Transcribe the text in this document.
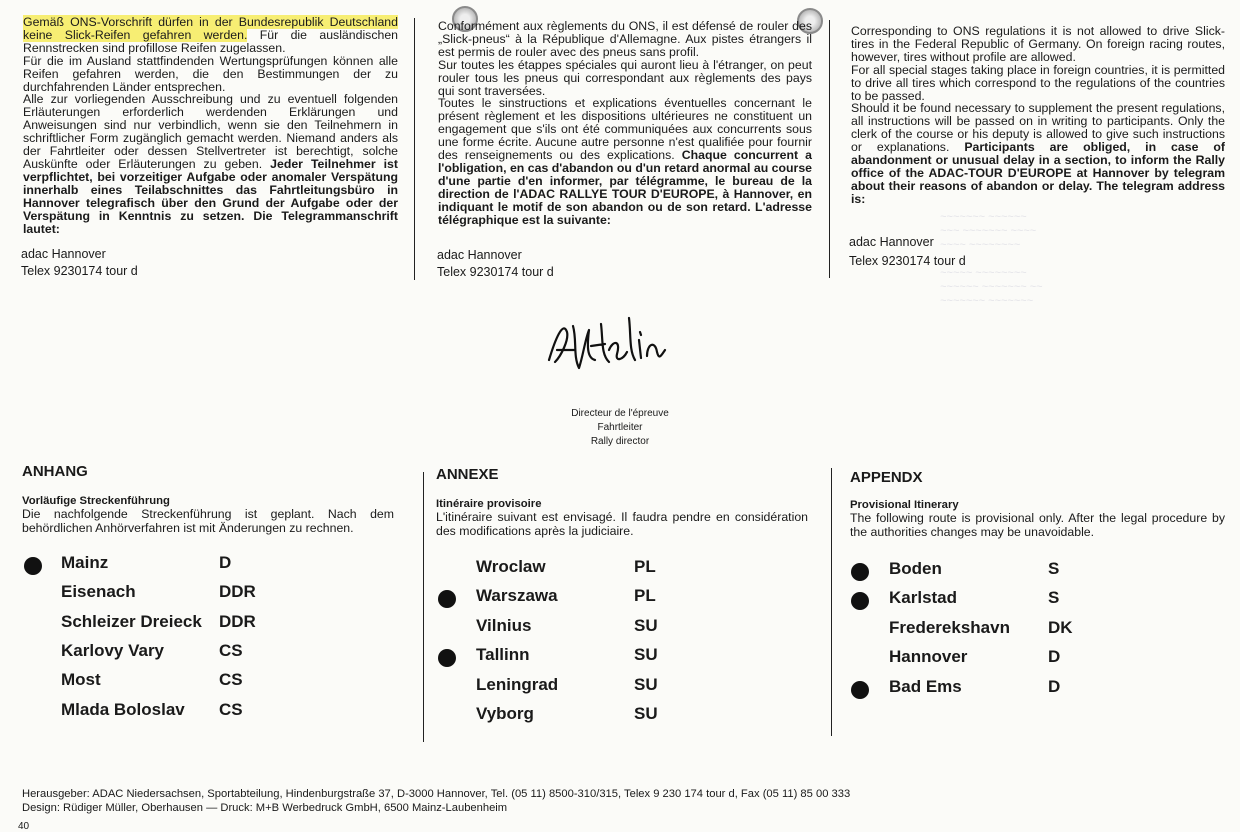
~~~~~~~ ~~~~~~
~~~ ~~~~~~~ ~~~~
~~~~ ~~~~~~~~

~~~~~ ~~~~~~~~
~~~~~~ ~~~~~~~ ~~
~~~~~~~ ~~~~~~~

Gemäß ONS-Vorschrift dürfen in der Bundesrepublik Deutschland keine Slick-Reifen gefahren werden. Für die ausländischen Rennstrecken sind profillose Reifen zugelassen.

Für die im Ausland stattfindenden Wertungsprüfungen können alle Reifen gefahren werden, die den Bestimmungen der zu durchfahrenden Länder entsprechen.

Alle zur vorliegenden Ausschreibung und zu eventuell folgenden Erläuterungen erforderlich werdenden Erklärungen und Anweisungen sind nur verbindlich, wenn sie den Teilnehmern in schriftlicher Form zugänglich gemacht werden. Niemand anders als der Fahrtleiter oder dessen Stellvertreter ist berechtigt, solche Auskünfte oder Erläuterungen zu geben. Jeder Teilnehmer ist verpflichtet, bei vorzeitiger Aufgabe oder anomaler Verspätung innerhalb eines Teilabschnittes das Fahrtleitungsbüro in Hannover telegrafisch über den Grund der Aufgabe oder der Verspätung in Kenntnis zu setzen. Die Telegrammanschrift lautet:

adac Hannover
Telex 9230174 tour d

Conformément aux règlements du ONS, il est défensé de rouler des „Slick-pneus“ à la République d'Allemagne. Aux pistes étrangers il est permis de rouler avec des pneus sans profil.

Sur toutes les étappes spéciales qui auront lieu à l'étranger, on peut rouler tous les pneus qui correspondant aux règlements des pays qui sont traversées.

Toutes le sinstructions et explications éventuelles concernant le présent règlement et les dispositions ultérieures ne constituent un engagement que s'ils ont été communiquées aux concurrents sous une forme écrite. Aucune autre personne n'est qualifiée pour fournir des renseignements ou des explications. Chaque concurrent a l'obligation, en cas d'abandon ou d'un retard anormal au course d'une partie d'en informer, par télégramme, le bureau de la direction de l'ADAC RALLYE TOUR D'EUROPE, à Hannover, en indiquant le motif de son abandon ou de son retard. L'adresse télégraphique est la suivante:

adac Hannover
Telex 9230174 tour d

Corresponding to ONS regulations it is not allowed to drive Slick-tires in the Federal Republic of Germany. On foreign racing routes, however, tires without profile are allowed.

For all special stages taking place in foreign countries, it is permitted to drive all tires which correspond to the regulations of the countries to be passed.

Should it be found necessary to supplement the present regulations, all instructions will be passed on in writing to participants. Only the clerk of the course or his deputy is allowed to give such instructions or explanations. Participants are obliged, in case of abandonment or unusual delay in a section, to inform the Rally office of the ADAC-TOUR D'EUROPE at Hannover by telegram about their reasons of abandon or delay. The telegram address is:

adac Hannover
Telex 9230174 tour d
Directeur de l'épreuve
Fahrtleiter
Rally director
ANHANG
Vorläufige Streckenführung
Die nachfolgende Streckenführung ist geplant. Nach dem behördlichen Anhörverfahren ist mit Änderungen zu rechnen.
Mainz	D
Eisenach	DDR
Schleizer Dreieck DDR
Karlovy Vary	CS
Most	CS
Mlada Boloslav CS
ANNEXE
Itinéraire provisoire
L'itinéraire suivant est envisagé. Il faudra pendre en considération des modifications après la judiciaire.
Wroclaw	PL
Warszawa	PL
Vilnius	SU
Tallinn	SU
Leningrad	SU
Vyborg	SU
APPENDX
Provisional Itinerary
The following route is provisional only. After the legal procedure by the authorities changes may be unavoidable.
Boden	S
Karlstad	S
Frederekshavn DK
Hannover	D
Bad Ems	D
Herausgeber: ADAC Niedersachsen, Sportabteilung, Hindenburgstraße 37, D-3000 Hannover, Tel. (05 11) 8500-310/315, Telex 9 230 174 tour d, Fax (05 11) 85 00 333
Design: Rüdiger Müller, Oberhausen — Druck: M+B Werbedruck GmbH, 6500 Mainz-Laubenheim
40
